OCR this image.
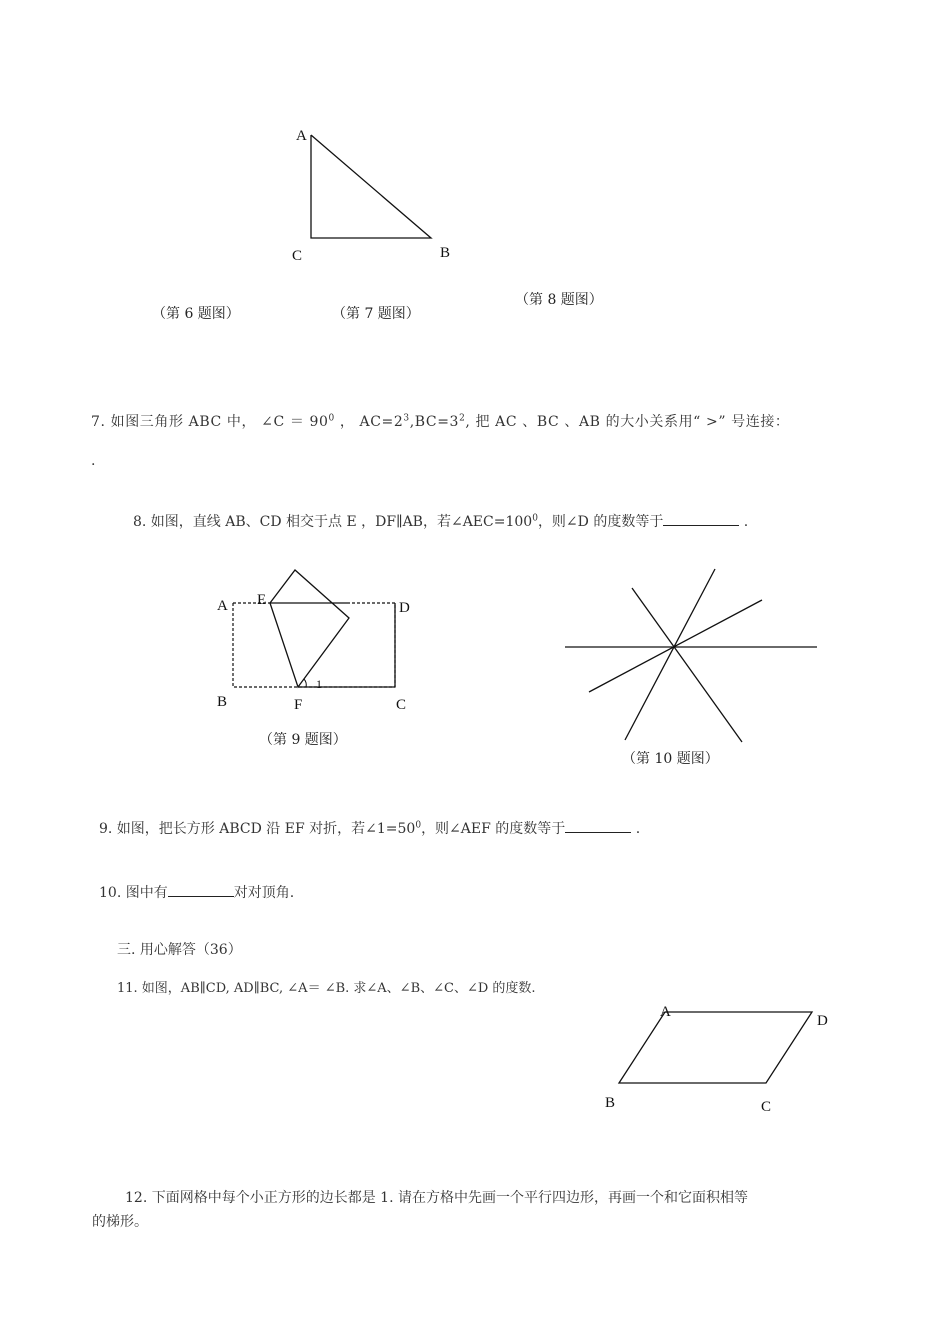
A
C	B
（第 6 题图）	（第 7 题图）
（第 8 题图）
7. 如图三角形 ABC 中， ∠C ＝ $90^0$ ， $AC=2^3,BC=3^2$, 把 AC 、BC 、AB 的大小关系用“ >” 号连接：
.
8. 如图，直线 AB、CD 相交于点 E ，DF∥AB，若$\angle AEC=100^0$，则∠D 的度数等于	.
A E	D
B	F	C
1
（第 9 题图）
（第 10 题图）
9. 如图，把长方形 ABCD 沿 EF 对折，若$\angle 1=50^0$，则∠AEF 的度数等于	.
10. 图中有	对对顶角.
三. 用心解答（36）
11. 如图，AB∥CD, AD∥BC, ∠A＝ ∠B. 求∠A、∠B、∠C、∠D 的度数.
A
D
B	C
12. 下面网格中每个小正方形的边长都是 1. 请在方格中先画一个平行四边形，再画一个和它面积相等
的梯形。
